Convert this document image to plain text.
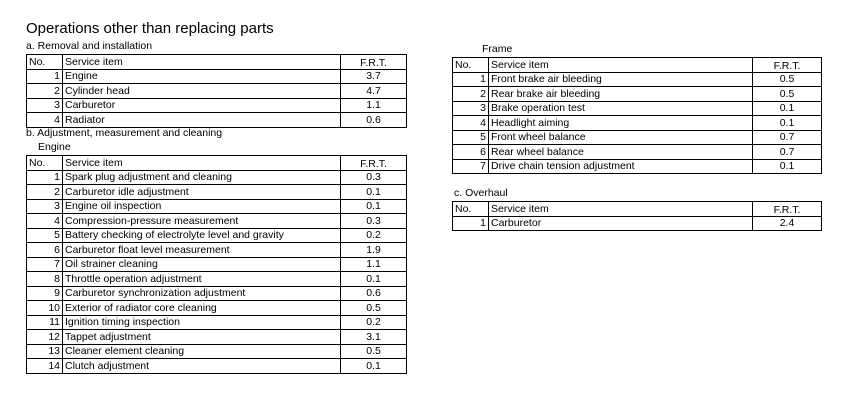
Operations other than replacing parts
a. Removal and installation
No.	Service item	F.R.T.
1	Engine	3.7
2	Cylinder head	4.7
3	Carburetor	1.1
4	Radiator	0.6
b. Adjustment, measurement and cleaning
Engine
No.	Service item	F.R.T.
1	Spark plug adjustment and cleaning	0.3
2	Carburetor idle adjustment	0.1
3	Engine oil inspection	0.1
4	Compression-pressure measurement	0.3
5	Battery checking of electrolyte level and gravity	0.2
6	Carburetor float level measurement	1.9
7	Oil strainer cleaning	1.1
8	Throttle operation adjustment	0.1
9	Carburetor synchronization adjustment	0.6
10	Exterior of radiator core cleaning	0.5
11	Ignition timing inspection	0.2
12	Tappet adjustment	3.1
13	Cleaner element cleaning	0.5
14	Clutch adjustment	0.1
Frame
No.	Service item	F.R.T.
1	Front brake air bleeding	0.5
2	Rear brake air bleeding	0.5
3	Brake operation test	0.1
4	Headlight aiming	0.1
5	Front wheel balance	0.7
6	Rear wheel balance	0.7
7	Drive chain tension adjustment	0.1
c. Overhaul
No.	Service item	F.R.T.
1	Carburetor	2.4
